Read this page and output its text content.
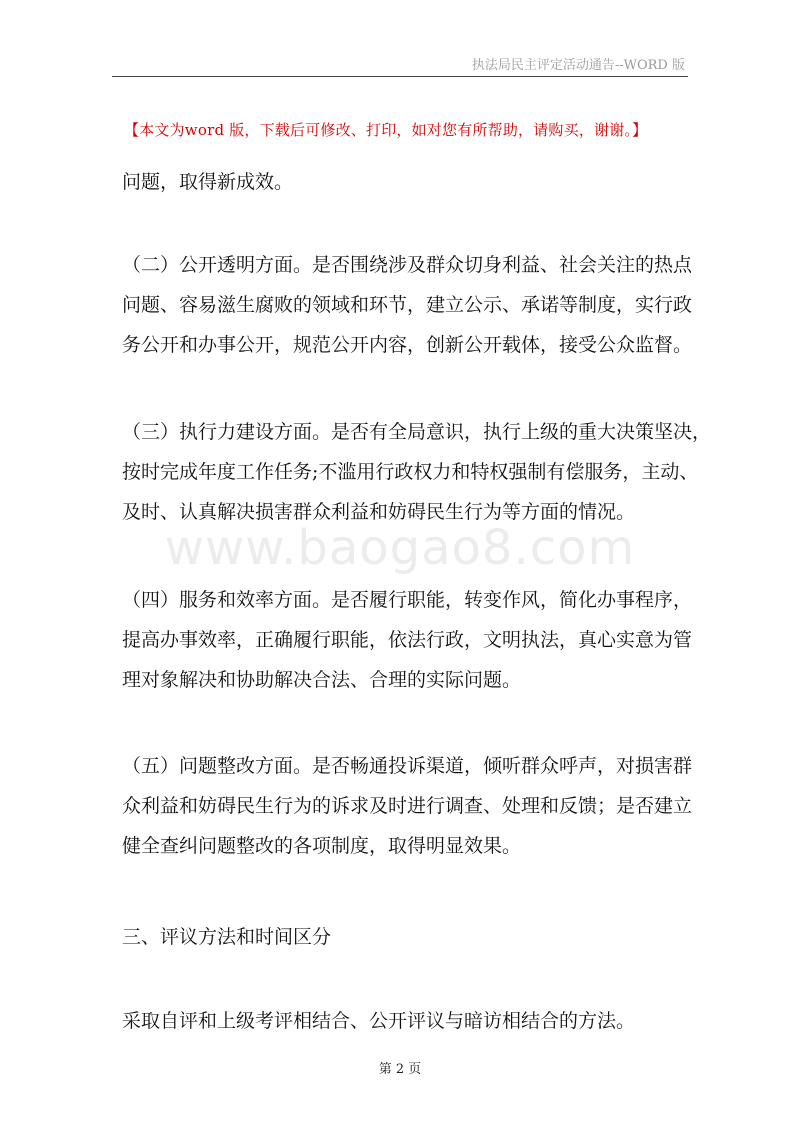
执法局民主评定活动通告--WORD 版
【本文为word 版，下载后可修改、打印，如对您有所帮助，请购买，谢谢。】
www.baogao8.com
问题，取得新成效。
（二）公开透明方面。是否围绕涉及群众切身利益、社会关注的热点
问题、容易滋生腐败的领域和环节，建立公示、承诺等制度，实行政
务公开和办事公开，规范公开内容，创新公开载体，接受公众监督。
（三）执行力建设方面。是否有全局意识，执行上级的重大决策坚决，
按时完成年度工作任务;不滥用行政权力和特权强制有偿服务，主动、
及时、认真解决损害群众利益和妨碍民生行为等方面的情况。
（四）服务和效率方面。是否履行职能，转变作风，简化办事程序，
提高办事效率，正确履行职能，依法行政，文明执法，真心实意为管
理对象解决和协助解决合法、合理的实际问题。
（五）问题整改方面。是否畅通投诉渠道，倾听群众呼声，对损害群
众利益和妨碍民生行为的诉求及时进行调查、处理和反馈；是否建立
健全查纠问题整改的各项制度，取得明显效果。
三、评议方法和时间区分
采取自评和上级考评相结合、公开评议与暗访相结合的方法。
第 2 页
